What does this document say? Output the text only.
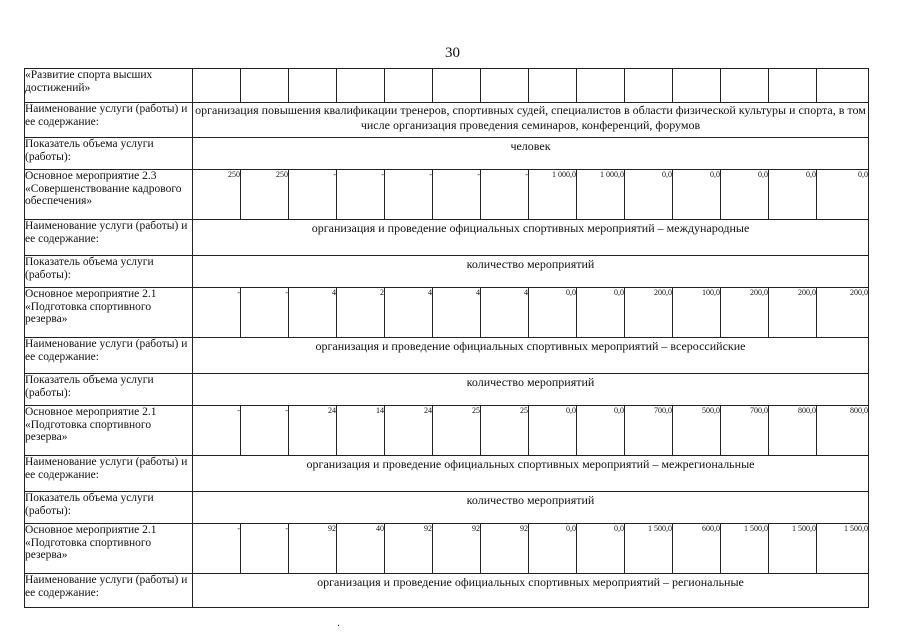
30
«Развитие спорта высших достижений»														
Наименование услуги (работы) и ее содержание:	организация повышения квалификации тренеров, спортивных судей, специалистов в области физической культуры и спорта, в том числе организация проведения семинаров, конференций, форумов													
Показатель объема услуги (работы):	человек													
Основное мероприятие 2.3 «Совершенствование кадрового обеспечения»	250	250	-	-	-	-	-	1 000,0	1 000,0	0,0	0,0	0,0	0,0	0,0
Наименование услуги (работы) и ее содержание:	организация и проведение официальных спортивных мероприятий – международные													
Показатель объема услуги (работы):	количество мероприятий													
Основное мероприятие 2.1 «Подготовка спортивного резерва»	-	-	4	2	4	4	4	0,0	0,0	200,0	100,0	200,0	200,0	200,0
Наименование услуги (работы) и ее содержание:	организация и проведение официальных спортивных мероприятий – всероссийские													
Показатель объема услуги (работы):	количество мероприятий													
Основное мероприятие 2.1 «Подготовка спортивного резерва»	-	-	24	14	24	25	25	0,0	0,0	700,0	500,0	700,0	800,0	800,0
Наименование услуги (работы) и ее содержание:	организация и проведение официальных спортивных мероприятий – межрегиональные													
Показатель объема услуги (работы):	количество мероприятий													
Основное мероприятие 2.1 «Подготовка спортивного резерва»	-	-	92	40	92	92	92	0,0	0,0	1 500,0	600,0	1 500,0	1 500,0	1 500,0
Наименование услуги (работы) и ее содержание:	организация и проведение официальных спортивных мероприятий – региональные													
·
